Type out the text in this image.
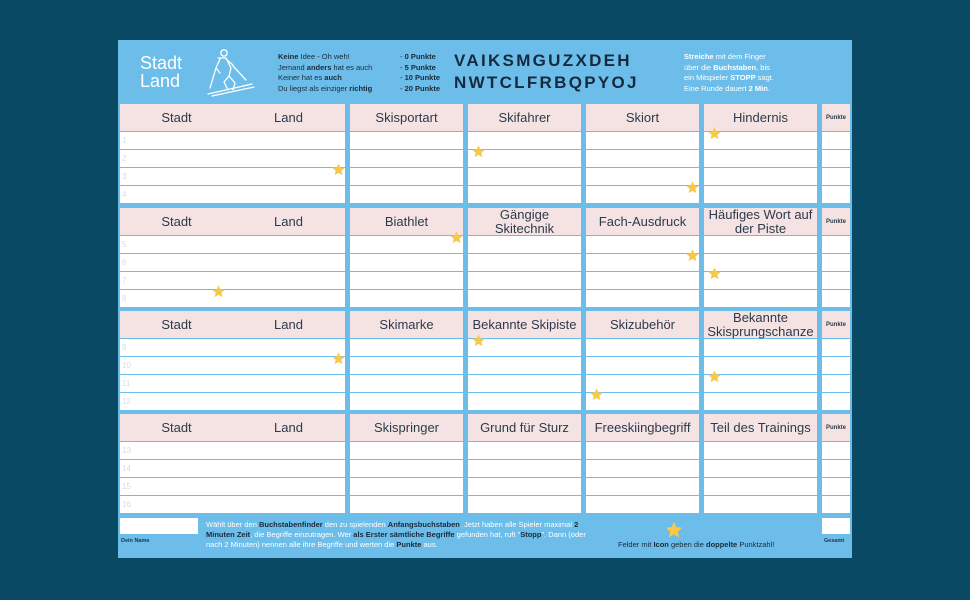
Stadt
Land
Keine Idee - Oh weh!
Jemand anders hat es auch
Keiner hat es auch
Du liegst als einziger richtig
- 0 Punkte
- 5 Punkte
- 10 Punkte
- 20 Punkte
VAIKSMGUZXDEH
NWTCLFRBQPYOJ
Streiche mit dem Finger
über die Buchstaben, bis
ein Mitspieler STOPP sagt.
Eine Runde dauert 2 Min.
Stadt	Land	Skisportart	Skifahrer	Skiort	Hindernis	Punkte
1
2
3
4
Stadt	Land	Biathlet	Gängige Skitechnik	Fach-Ausdruck	Häufiges Wort auf der Piste	Punkte
5
6
7
8
Stadt	Land	Skimarke	Bekannte Skipiste	Skizubehör	Bekannte Skisprungschanze	Punkte
9
10
11
12
Stadt	Land	Skispringer	Grund für Sturz	Freeskiingbegriff	Teil des Trainings	Punkte
13
14
15
16
Dein Name
Wählt über den Buchstabenfinder den zu spielenden Anfangsbuchstaben. Jetzt haben alle Spieler maximal 2 Minuten Zeit, die Begriffe einzutragen. Wer als Erster sämtliche Begriffe gefunden hat, ruft "Stopp". Dann (oder nach 2 Minuten) nennen alle ihre Begriffe und werten die Punkte aus.	Felder mit Icon geben die doppelte Punktzahl!	Gesamt
